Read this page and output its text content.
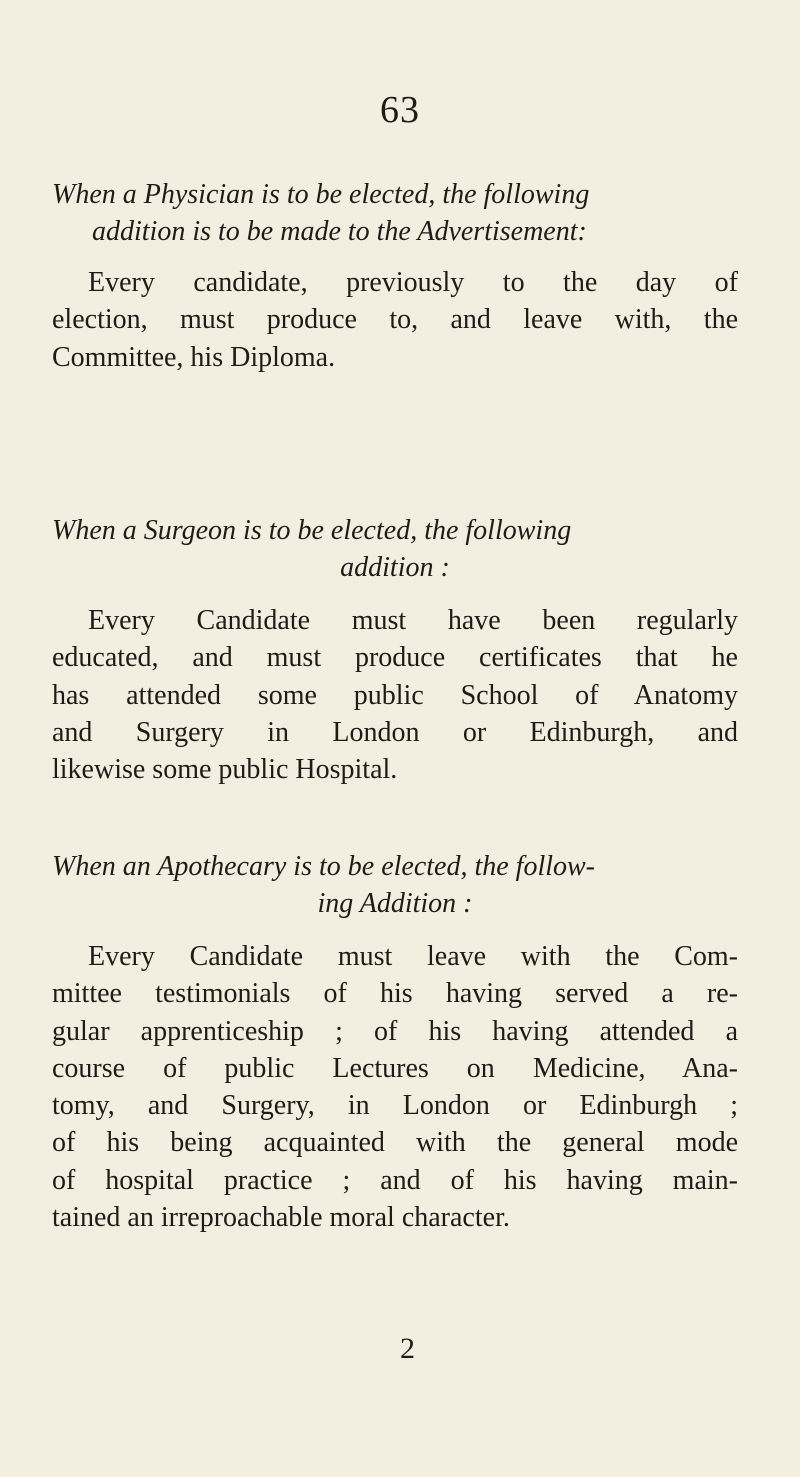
63

When a Physician is to be elected, the following
addition is to be made to the Advertisement:

Every candidate, previously to the day of
election, must produce to, and leave with, the
Committee, his Diploma.

When a Surgeon is to be elected, the following
addition :

Every Candidate must have been regularly
educated, and must produce certificates that he
has attended some public School of Anatomy
and Surgery in London or Edinburgh, and
likewise some public Hospital.

When an Apothecary is to be elected, the follow-
ing Addition :

Every Candidate must leave with the Com-
mittee testimonials of his having served a re-
gular apprenticeship ; of his having attended a
course of public Lectures on Medicine, Ana-
tomy, and Surgery, in London or Edinburgh ;
of his being acquainted with the general mode
of hospital practice ; and of his having main-
tained an irreproachable moral character.

2
